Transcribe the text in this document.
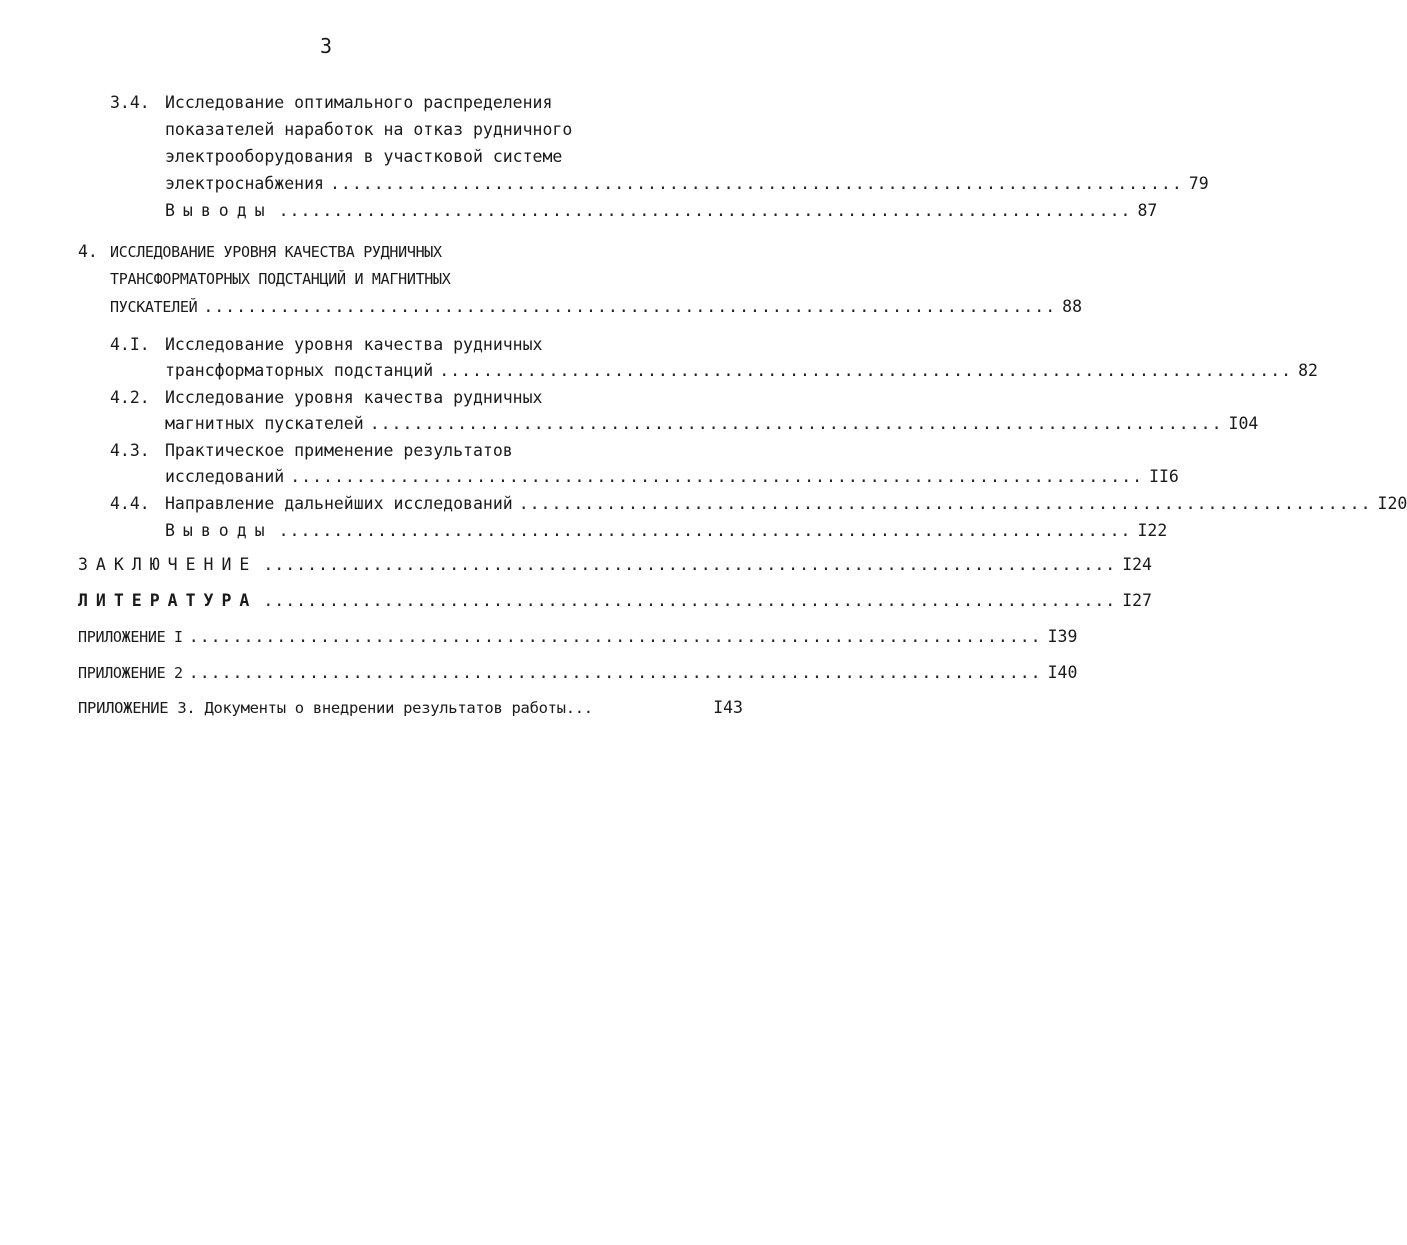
3
3.4. Исследование оптимального распределения
показателей наработок на отказ рудничного
электрооборудования в участковой системе
электроснабжения .............................................................................. 79
Выводы .............................................................................. 87
4. ИССЛЕДОВАНИЕ УРОВНЯ КАЧЕСТВА РУДНИЧНЫХ
ТРАНСФОРМАТОРНЫХ ПОДСТАНЦИЙ И МАГНИТНЫХ
ПУСКАТЕЛЕЙ .............................................................................. 88
4.I. Исследование уровня качества рудничных
трансформаторных подстанций .............................................................................. 82
4.2. Исследование уровня качества рудничных
магнитных пускателей .............................................................................. I04
4.3. Практическое применение результатов
исследований .............................................................................. II6
4.4. Направление дальнейших исследований .............................................................................. I20
Выводы .............................................................................. I22
ЗАКЛЮЧЕНИЕ .............................................................................. I24
ЛИТЕРАТУРА .............................................................................. I27
ПРИЛОЖЕНИЕ I .............................................................................. I39
ПРИЛОЖЕНИЕ 2 .............................................................................. I40
ПРИЛОЖЕНИЕ 3. Документы о внедрении результатов работы...	I43
